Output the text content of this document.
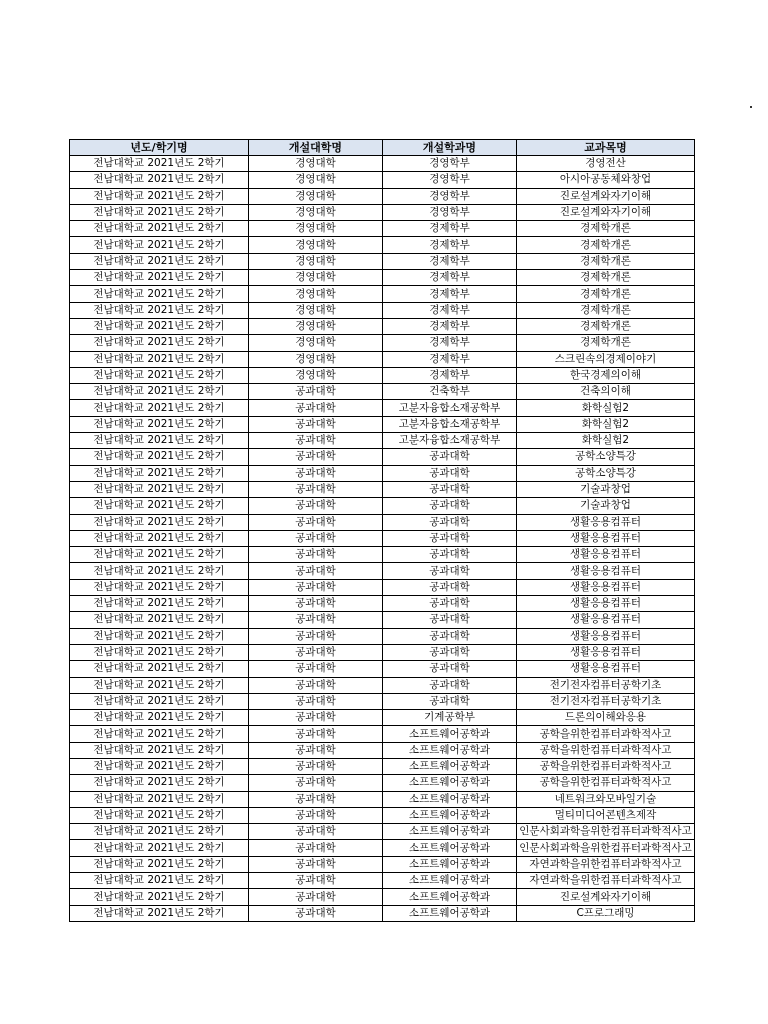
년도/학기명	개설대학명	개설학과명	교과목명
전남대학교 2021년도 2학기	경영대학	경영학부	경영전산
전남대학교 2021년도 2학기	경영대학	경영학부	아시아공동체와창업
전남대학교 2021년도 2학기	경영대학	경영학부	진로설계와자기이해
전남대학교 2021년도 2학기	경영대학	경영학부	진로설계와자기이해
전남대학교 2021년도 2학기	경영대학	경제학부	경제학개론
전남대학교 2021년도 2학기	경영대학	경제학부	경제학개론
전남대학교 2021년도 2학기	경영대학	경제학부	경제학개론
전남대학교 2021년도 2학기	경영대학	경제학부	경제학개론
전남대학교 2021년도 2학기	경영대학	경제학부	경제학개론
전남대학교 2021년도 2학기	경영대학	경제학부	경제학개론
전남대학교 2021년도 2학기	경영대학	경제학부	경제학개론
전남대학교 2021년도 2학기	경영대학	경제학부	경제학개론
전남대학교 2021년도 2학기	경영대학	경제학부	스크린속의경제이야기
전남대학교 2021년도 2학기	경영대학	경제학부	한국경제의이해
전남대학교 2021년도 2학기	공과대학	건축학부	건축의이해
전남대학교 2021년도 2학기	공과대학	고분자융합소재공학부	화학실험2
전남대학교 2021년도 2학기	공과대학	고분자융합소재공학부	화학실험2
전남대학교 2021년도 2학기	공과대학	고분자융합소재공학부	화학실험2
전남대학교 2021년도 2학기	공과대학	공과대학	공학소양특강
전남대학교 2021년도 2학기	공과대학	공과대학	공학소양특강
전남대학교 2021년도 2학기	공과대학	공과대학	기술과창업
전남대학교 2021년도 2학기	공과대학	공과대학	기술과창업
전남대학교 2021년도 2학기	공과대학	공과대학	생활응용컴퓨터
전남대학교 2021년도 2학기	공과대학	공과대학	생활응용컴퓨터
전남대학교 2021년도 2학기	공과대학	공과대학	생활응용컴퓨터
전남대학교 2021년도 2학기	공과대학	공과대학	생활응용컴퓨터
전남대학교 2021년도 2학기	공과대학	공과대학	생활응용컴퓨터
전남대학교 2021년도 2학기	공과대학	공과대학	생활응용컴퓨터
전남대학교 2021년도 2학기	공과대학	공과대학	생활응용컴퓨터
전남대학교 2021년도 2학기	공과대학	공과대학	생활응용컴퓨터
전남대학교 2021년도 2학기	공과대학	공과대학	생활응용컴퓨터
전남대학교 2021년도 2학기	공과대학	공과대학	생활응용컴퓨터
전남대학교 2021년도 2학기	공과대학	공과대학	전기전자컴퓨터공학기초
전남대학교 2021년도 2학기	공과대학	공과대학	전기전자컴퓨터공학기초
전남대학교 2021년도 2학기	공과대학	기계공학부	드론의이해와응용
전남대학교 2021년도 2학기	공과대학	소프트웨어공학과	공학을위한컴퓨터과학적사고
전남대학교 2021년도 2학기	공과대학	소프트웨어공학과	공학을위한컴퓨터과학적사고
전남대학교 2021년도 2학기	공과대학	소프트웨어공학과	공학을위한컴퓨터과학적사고
전남대학교 2021년도 2학기	공과대학	소프트웨어공학과	공학을위한컴퓨터과학적사고
전남대학교 2021년도 2학기	공과대학	소프트웨어공학과	네트워크와모바일기술
전남대학교 2021년도 2학기	공과대학	소프트웨어공학과	멀티미디어콘텐츠제작
전남대학교 2021년도 2학기	공과대학	소프트웨어공학과	인문사회과학을위한컴퓨터과학적사고
전남대학교 2021년도 2학기	공과대학	소프트웨어공학과	인문사회과학을위한컴퓨터과학적사고
전남대학교 2021년도 2학기	공과대학	소프트웨어공학과	자연과학을위한컴퓨터과학적사고
전남대학교 2021년도 2학기	공과대학	소프트웨어공학과	자연과학을위한컴퓨터과학적사고
전남대학교 2021년도 2학기	공과대학	소프트웨어공학과	진로설계와자기이해
전남대학교 2021년도 2학기	공과대학	소프트웨어공학과	C프로그래밍
